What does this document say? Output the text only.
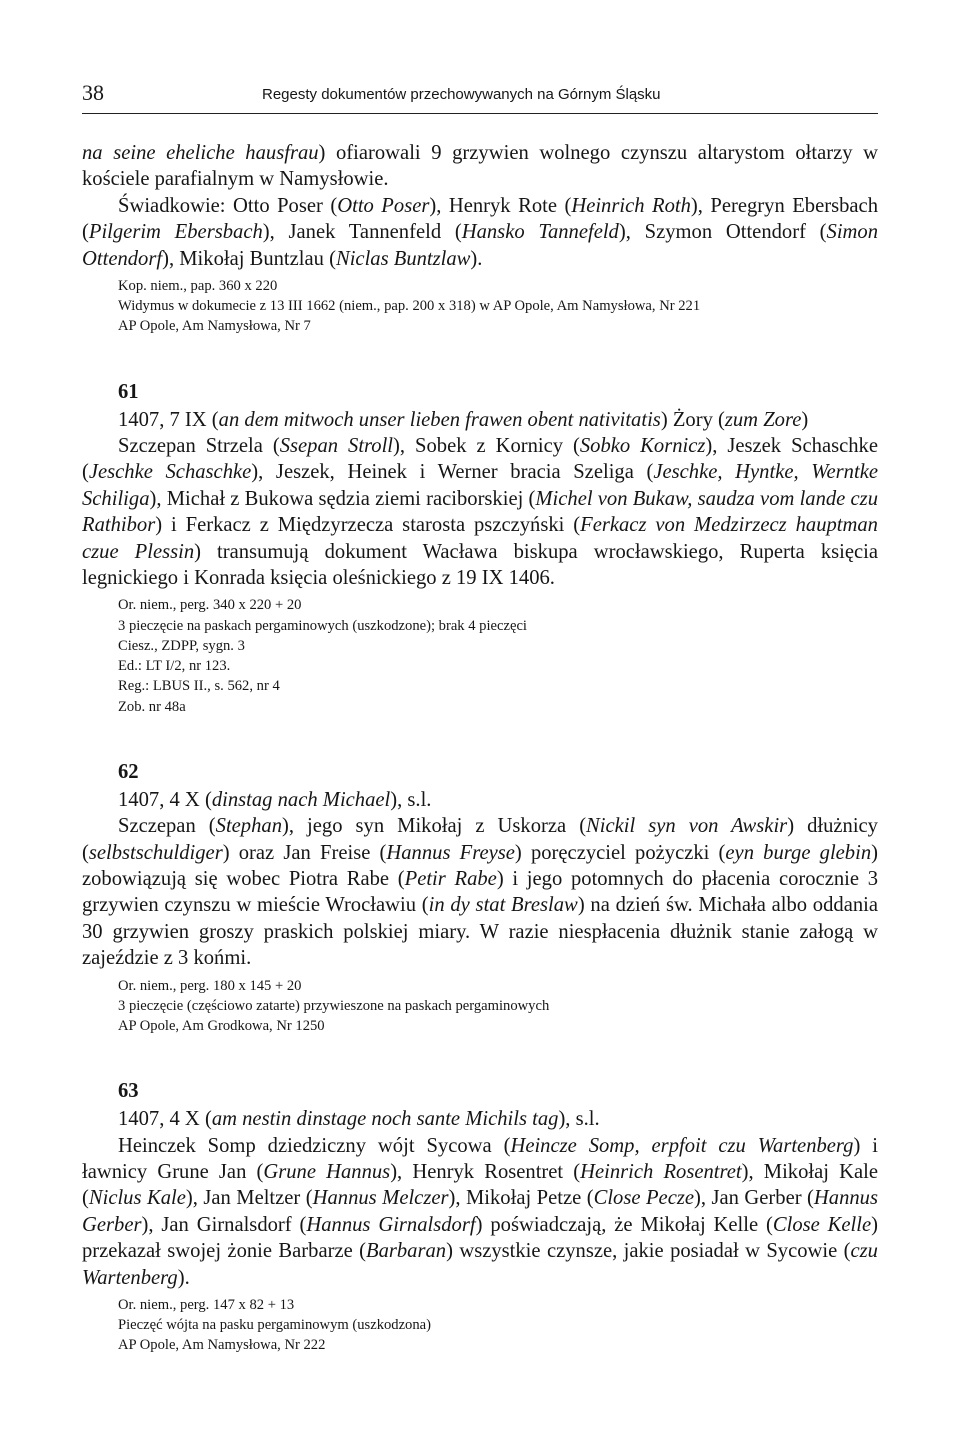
38	Regesty dokumentów przechowywanych na Górnym Śląsku

na seine eheliche hausfrau) ofiarowali 9 grzywien wolnego czynszu altarystom ołtarzy w kościele parafialnym w Namysłowie.

Świadkowie: Otto Poser (Otto Poser), Henryk Rote (Heinrich Roth), Peregryn Ebersbach (Pilgerim Ebersbach), Janek Tannenfeld (Hansko Tannefeld), Szymon Ottendorf (Simon Ottendorf), Mikołaj Buntzlau (Niclas Buntzlaw).

Kop. niem., pap. 360 x 220
Widymus w dokumecie z 13 III 1662 (niem., pap. 200 x 318) w AP Opole, Am Namysłowa, Nr 221
AP Opole, Am Namysłowa, Nr 7
61

1407, 7 IX (an dem mitwoch unser lieben frawen obent nativitatis) Żory (zum Zore)

Szczepan Strzela (Ssepan Stroll), Sobek z Kornicy (Sobko Kornicz), Jeszek Schaschke (Jeschke Schaschke), Jeszek, Heinek i Werner bracia Szeliga (Jeschke, Hyntke, Werntke Schiliga), Michał z Bukowa sędzia ziemi raciborskiej (Michel von Bukaw, saudza vom lande czu Rathibor) i Ferkacz z Międzyrzecza starosta pszczyński (Ferkacz von Medzirzecz hauptman czue Plessin) transumują dokument Wacława biskupa wrocławskiego, Ruperta księcia legnickiego i Konrada księcia oleśnickiego z 19 IX 1406.

Or. niem., perg. 340 x 220 + 20
3 pieczęcie na paskach pergaminowych (uszkodzone); brak 4 pieczęci
Ciesz., ZDPP, sygn. 3
Ed.: LT I/2, nr 123.
Reg.: LBUS II., s. 562, nr 4
Zob. nr 48a
62

1407, 4 X (dinstag nach Michael), s.l.

Szczepan (Stephan), jego syn Mikołaj z Uskorza (Nickil syn von Awskir) dłużnicy (selbstschuldiger) oraz Jan Freise (Hannus Freyse) poręczyciel pożyczki (eyn burge glebin) zobowiązują się wobec Piotra Rabe (Petir Rabe) i jego potomnych do płacenia corocznie 3 grzywien czynszu w mieście Wrocławiu (in dy stat Breslaw) na dzień św. Michała albo oddania 30 grzywien groszy praskich polskiej miary. W razie niespłacenia dłużnik stanie załogą w zajeździe z 3 końmi.

Or. niem., perg. 180 x 145 + 20
3 pieczęcie (częściowo zatarte) przywieszone na paskach pergaminowych
AP Opole, Am Grodkowa, Nr 1250
63

1407, 4 X (am nestin dinstage noch sante Michils tag), s.l.

Heinczek Somp dziedziczny wójt Sycowa (Heincze Somp, erpfoit czu Wartenberg) i ławnicy Grune Jan (Grune Hannus), Henryk Rosentret (Heinrich Rosentret), Mikołaj Kale (Niclus Kale), Jan Meltzer (Hannus Melczer), Mikołaj Petze (Close Pecze), Jan Gerber (Hannus Gerber), Jan Girnalsdorf (Hannus Girnalsdorf) poświadczają, że Mikołaj Kelle (Close Kelle) przekazał swojej żonie Barbarze (Barbaran) wszystkie czynsze, jakie posiadał w Sycowie (czu Wartenberg).

Or. niem., perg. 147 x 82 + 13
Pieczęć wójta na pasku pergaminowym (uszkodzona)
AP Opole, Am Namysłowa, Nr 222
